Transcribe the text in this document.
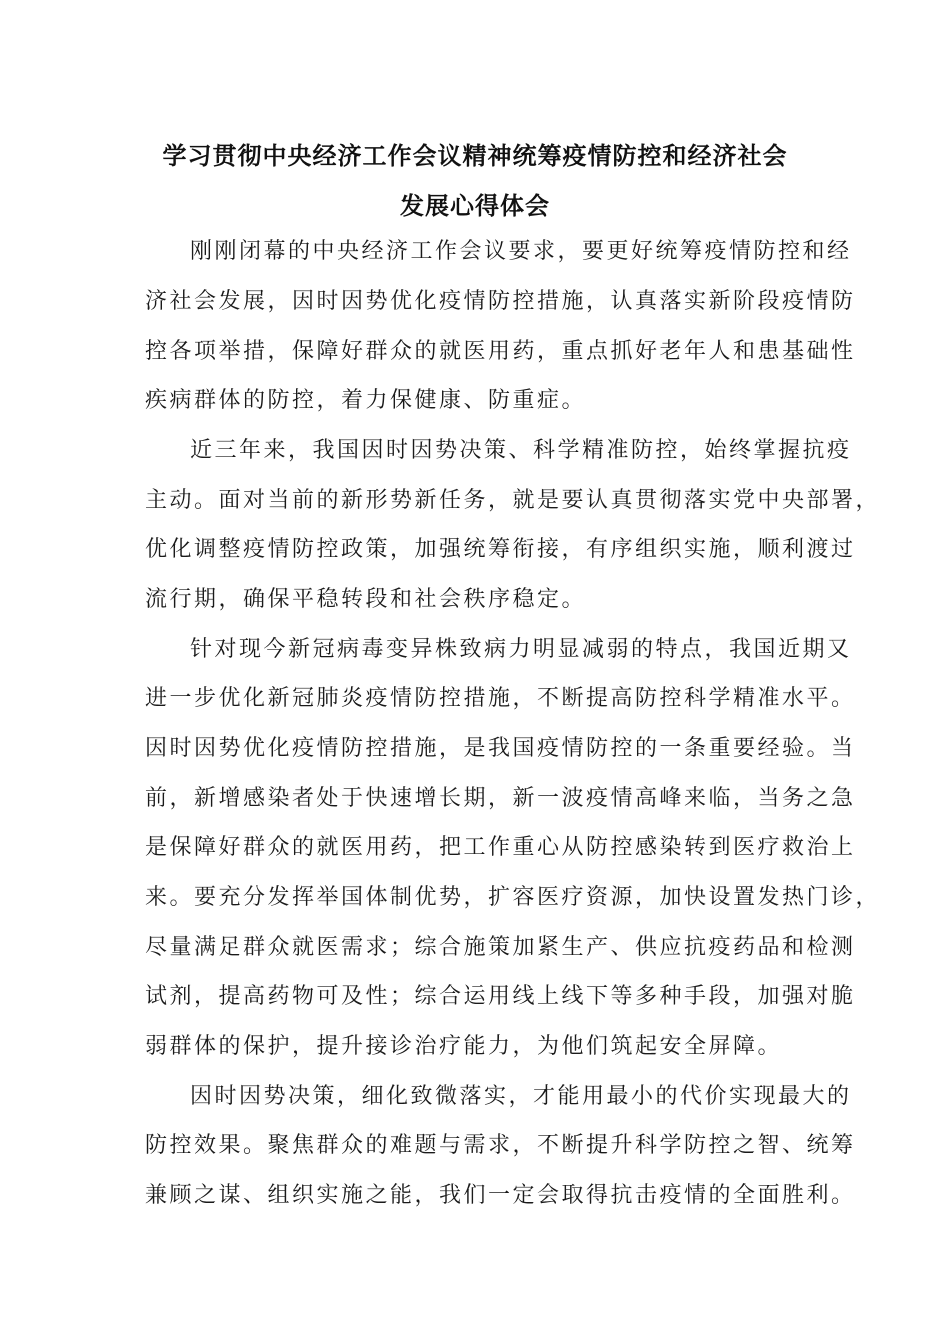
学习贯彻中央经济工作会议精神统筹疫情防控和经济社会
发展心得体会
刚刚闭幕的中央经济工作会议要求，要更好统筹疫情防控和经
济社会发展，因时因势优化疫情防控措施，认真落实新阶段疫情防
控各项举措，保障好群众的就医用药，重点抓好老年人和患基础性
疾病群体的防控，着力保健康、防重症。
近三年来，我国因时因势决策、科学精准防控，始终掌握抗疫
主动。面对当前的新形势新任务，就是要认真贯彻落实党中央部署，
优化调整疫情防控政策，加强统筹衔接，有序组织实施，顺利渡过
流行期，确保平稳转段和社会秩序稳定。
针对现今新冠病毒变异株致病力明显减弱的特点，我国近期又
进一步优化新冠肺炎疫情防控措施，不断提高防控科学精准水平。
因时因势优化疫情防控措施，是我国疫情防控的一条重要经验。当
前，新增感染者处于快速增长期，新一波疫情高峰来临，当务之急
是保障好群众的就医用药，把工作重心从防控感染转到医疗救治上
来。要充分发挥举国体制优势，扩容医疗资源，加快设置发热门诊，
尽量满足群众就医需求；综合施策加紧生产、供应抗疫药品和检测
试剂，提高药物可及性；综合运用线上线下等多种手段，加强对脆
弱群体的保护，提升接诊治疗能力，为他们筑起安全屏障。
因时因势决策，细化致微落实，才能用最小的代价实现最大的
防控效果。聚焦群众的难题与需求，不断提升科学防控之智、统筹
兼顾之谋、组织实施之能，我们一定会取得抗击疫情的全面胜利。
